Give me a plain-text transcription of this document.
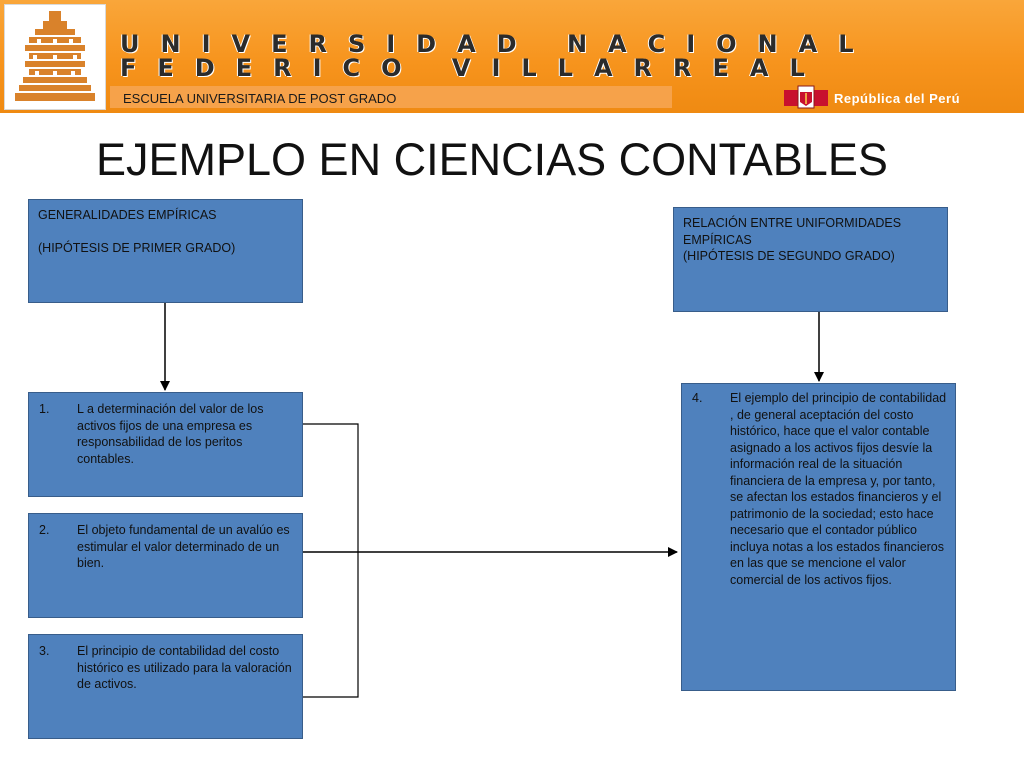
UNIVERSIDAD NACIONAL
FEDERICO VILLARREAL
ESCUELA UNIVERSITARIA DE POST GRADO	República del Perú
EJEMPLO EN CIENCIAS CONTABLES
GENERALIDADES EMPÍRICAS
(HIPÓTESIS DE PRIMER GRADO)
RELACIÓN ENTRE UNIFORMIDADES EMPÍRICAS
(HIPÓTESIS DE SEGUNDO GRADO)
1.	L a determinación del valor de los activos fijos de una empresa es responsabilidad de los peritos contables.
2.	El objeto fundamental de un avalúo es estimular el valor determinado de un bien.
3.	El principio de contabilidad del costo histórico es utilizado para la valoración de activos.
4.	El ejemplo del principio de contabilidad , de general aceptación del costo histórico, hace que el valor contable asignado a los activos fijos desvíe la información real de la situación financiera de la empresa y, por tanto, se afectan los estados financieros y el patrimonio de la sociedad; esto hace necesario que el contador público incluya notas a los estados financieros en las que se mencione el valor comercial de los activos fijos.
